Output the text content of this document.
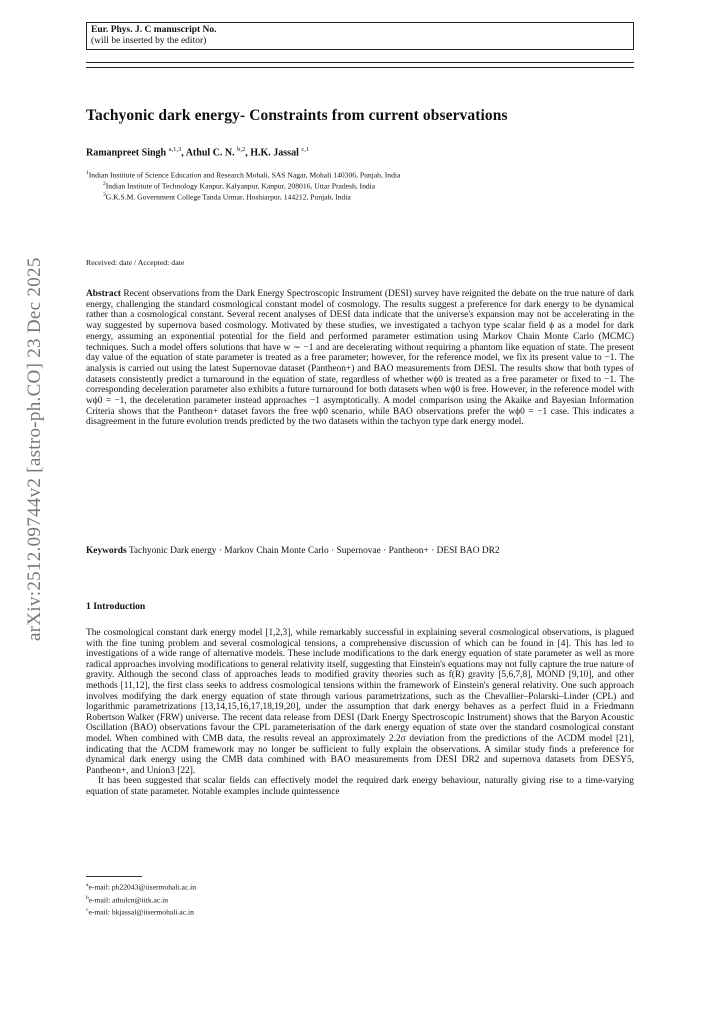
arXiv:2512.09744v2 [astro-ph.CO] 23 Dec 2025
Eur. Phys. J. C manuscript No.
(will be inserted by the editor)
Tachyonic dark energy- Constraints from current observations
Ramanpreet Singh $^{a,1,3}$, Athul C. N. $^{b,2}$, H.K. Jassal $^{c,1}$
$^1$Indian Institute of Science Education and Research Mohali, SAS Nagar, Mohali 140306, Punjab, India
$^2$Indian Institute of Technology Kanpur, Kalyanpur, Kanpur, 208016, Uttar Pradesh, India
$^3$G.K.S.M. Government College Tanda Urmar, Hoshiarpur, 144212, Punjab, India
Received: date / Accepted: date
Abstract Recent observations from the Dark Energy Spectroscopic Instrument (DESI) survey have reignited the debate on the true nature of dark energy, challenging the standard cosmological constant model of cosmology. The results suggest a preference for dark energy to be dynamical rather than a cosmological constant. Several recent analyses of DESI data indicate that the universe's expansion may not be accelerating in the way suggested by supernova based cosmology. Motivated by these studies, we investigated a tachyon type scalar field ϕ as a model for dark energy, assuming an exponential potential for the field and performed parameter estimation using Markov Chain Monte Carlo (MCMC) techniques. Such a model offers solutions that have w ∼ −1 and are decelerating without requiring a phantom like equation of state. The present day value of the equation of state parameter is treated as a free parameter; however, for the reference model, we fix its present value to −1. The analysis is carried out using the latest Supernovae dataset (Pantheon+) and BAO measurements from DESI. The results show that both types of datasets consistently predict a turnaround in the equation of state, regardless of whether wϕ0 is treated as a free parameter or fixed to −1. The corresponding deceleration parameter also exhibits a future turnaround for both datasets when wϕ0 is free. However, in the reference model with wϕ0 = −1, the deceleration parameter instead approaches −1 asymptotically. A model comparison using the Akaike and Bayesian Information Criteria shows that the Pantheon+ dataset favors the free wϕ0 scenario, while BAO observations prefer the wϕ0 = −1 case. This indicates a disagreement in the future evolution trends predicted by the two datasets within the tachyon type dark energy model.
Keywords Tachyonic Dark energy · Markov Chain Monte Carlo · Supernovae · Pantheon+ · DESI BAO DR2
1 Introduction

The cosmological constant dark energy model [1,2,3], while remarkably successful in explaining several cosmological observations, is plagued with the fine tuning problem and several cosmological tensions, a comprehensive discussion of which can be found in [4]. This has led to investigations of a wide range of alternative models. These include modifications to the dark energy equation of state parameter as well as more radical approaches involving modifications to general relativity itself, suggesting that Einstein's equations may not fully capture the true nature of gravity. Although the second class of approaches leads to modified gravity theories such as f(R) gravity [5,6,7,8], MOND [9,10], and other methods [11,12], the first class seeks to address cosmological tensions within the framework of Einstein's general relativity. One such approach involves modifying the dark energy equation of state through various parametrizations, such as the Chevallier–Polarski–Linder (CPL) and logarithmic parametrizations [13,14,15,16,17,18,19,20], under the assumption that dark energy behaves as a perfect fluid in a Friedmann Robertson Walker (FRW) universe. The recent data release from DESI (Dark Energy Spectroscopic Instrument) shows that the Baryon Acoustic Oscillation (BAO) observations favour the CPL parameterisation of the dark energy equation of state over the standard cosmological constant model. When combined with CMB data, the results reveal an approximately 2.2σ deviation from the predictions of the ΛCDM model [21], indicating that the ΛCDM framework may no longer be sufficient to fully explain the observations. A similar study finds a preference for dynamical dark energy using the CMB data combined with BAO measurements from DESI DR2 and supernova datasets from DESY5, Pantheon+, and Union3 [22].

It has been suggested that scalar fields can effectively model the required dark energy behaviour, naturally giving rise to a time-varying equation of state parameter. Notable examples include quintessence

$^a$e-mail: ph22043@iisermohali.ac.in
$^b$e-mail: athulcn@iitk.ac.in
$^c$e-mail: hkjassal@iisermohali.ac.in
